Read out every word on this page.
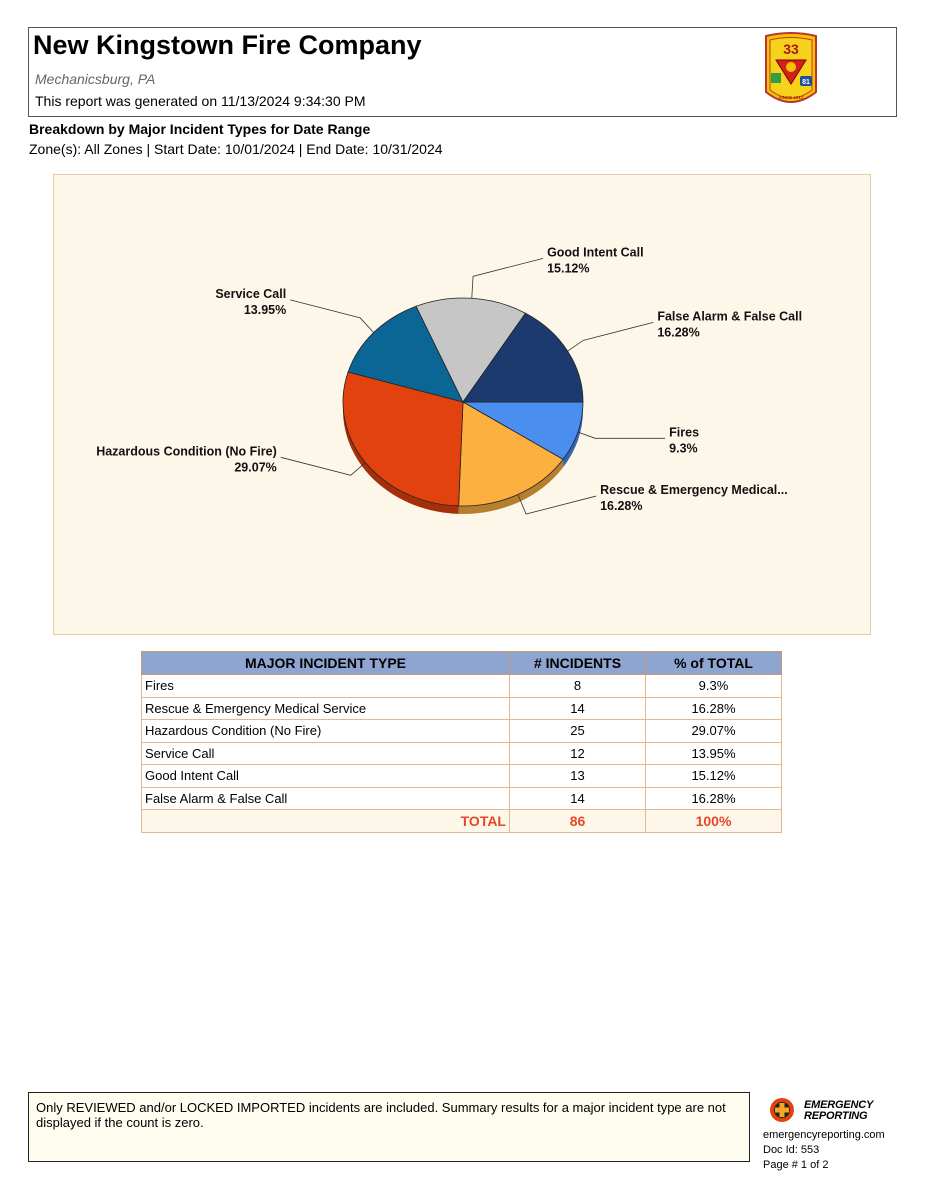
New Kingstown Fire Company
Mechanicsburg, PA
This report was generated on 11/13/2024 9:34:30 PM
33
81
SINCE 1912
Breakdown by Major Incident Types for Date Range
Zone(s): All Zones | Start Date: 10/01/2024 | End Date: 10/31/2024
Fires
9.3%
Rescue & Emergency Medical...
16.28%
Hazardous Condition (No Fire)
29.07%
Service Call
13.95%
Good Intent Call
15.12%
False Alarm & False Call
16.28%
MAJOR INCIDENT TYPE	# INCIDENTS	% of TOTAL
Fires	8	9.3%
Rescue & Emergency Medical Service	14	16.28%
Hazardous Condition (No Fire)	25	29.07%
Service Call	12	13.95%
Good Intent Call	13	15.12%
False Alarm & False Call	14	16.28%
TOTAL	86	100%
Only REVIEWED and/or LOCKED IMPORTED incidents are included. Summary results for a major incident type are not displayed if the count is zero.
EMERGENCY
REPORTING
emergencyreporting.com
Doc Id: 553
Page # 1 of 2
